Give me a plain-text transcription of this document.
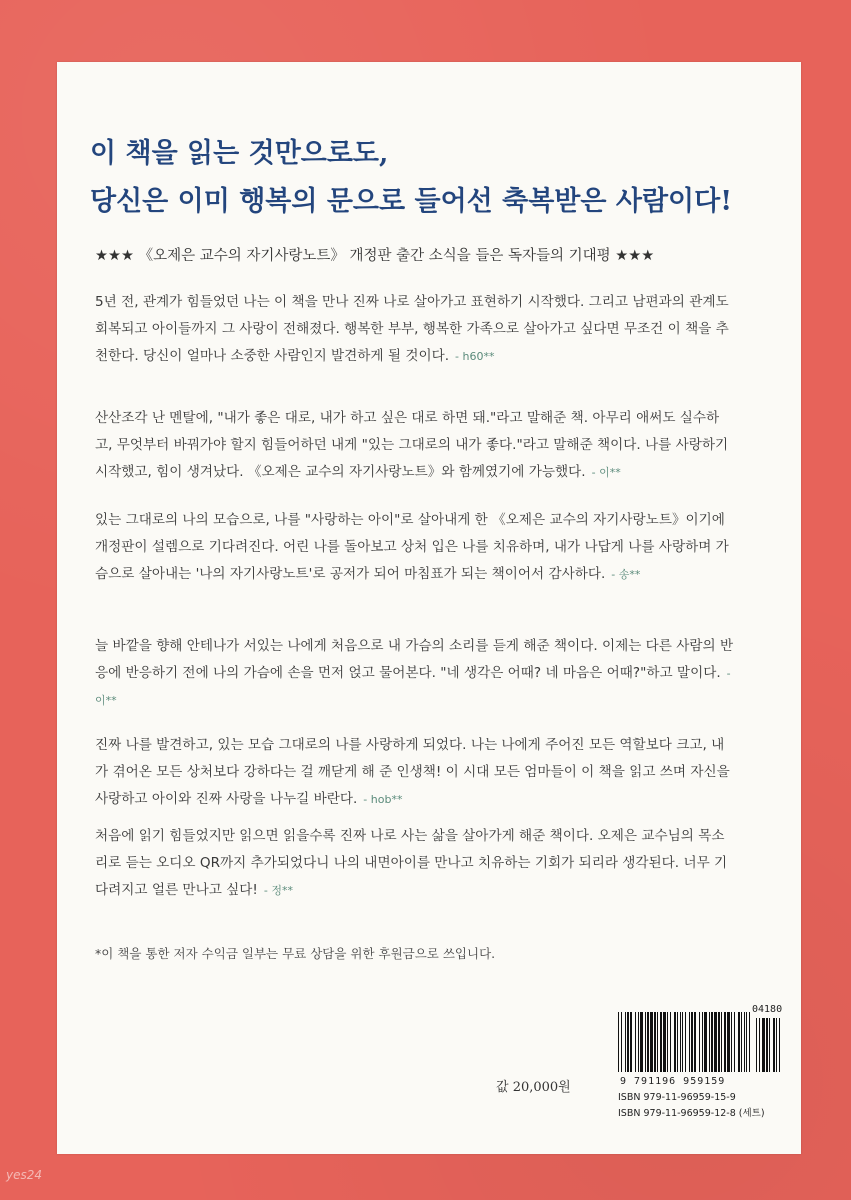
이 책을 읽는 것만으로도,
당신은 이미 행복의 문으로 들어선 축복받은 사람이다!
★★★ 《오제은 교수의 자기사랑노트》 개정판 출간 소식을 들은 독자들의 기대평 ★★★
5년 전, 관계가 힘들었던 나는 이 책을 만나 진짜 나로 살아가고 표현하기 시작했다. 그리고 남편과의 관계도 회복되고 아이들까지 그 사랑이 전해졌다. 행복한 부부, 행복한 가족으로 살아가고 싶다면 무조건 이 책을 추천한다. 당신이 얼마나 소중한 사람인지 발견하게 될 것이다. - h60**
산산조각 난 멘탈에, "내가 좋은 대로, 내가 하고 싶은 대로 하면 돼."라고 말해준 책. 아무리 애써도 실수하고, 무엇부터 바꿔가야 할지 힘들어하던 내게 "있는 그대로의 내가 좋다."라고 말해준 책이다. 나를 사랑하기 시작했고, 힘이 생겨났다. 《오제은 교수의 자기사랑노트》와 함께였기에 가능했다. - 이**
있는 그대로의 나의 모습으로, 나를 "사랑하는 아이"로 살아내게 한 《오제은 교수의 자기사랑노트》이기에 개정판이 설렘으로 기다려진다. 어린 나를 돌아보고 상처 입은 나를 치유하며, 내가 나답게 나를 사랑하며 가슴으로 살아내는 '나의 자기사랑노트'로 공저가 되어 마침표가 되는 책이어서 감사하다. - 송**
늘 바깥을 향해 안테나가 서있는 나에게 처음으로 내 가슴의 소리를 듣게 해준 책이다. 이제는 다른 사람의 반응에 반응하기 전에 나의 가슴에 손을 먼저 얹고 물어본다. "네 생각은 어때? 네 마음은 어때?"하고 말이다. - 이**
진짜 나를 발견하고, 있는 모습 그대로의 나를 사랑하게 되었다. 나는 나에게 주어진 모든 역할보다 크고, 내가 겪어온 모든 상처보다 강하다는 걸 깨닫게 해 준 인생책! 이 시대 모든 엄마들이 이 책을 읽고 쓰며 자신을 사랑하고 아이와 진짜 사랑을 나누길 바란다. - hob**
처음에 읽기 힘들었지만 읽으면 읽을수록 진짜 나로 사는 삶을 살아가게 해준 책이다. 오제은 교수님의 목소리로 듣는 오디오 QR까지 추가되었다니 나의 내면아이를 만나고 치유하는 기회가 되리라 생각된다. 너무 기다려지고 얼른 만나고 싶다! - 정**
*이 책을 통한 저자 수익금 일부는 무료 상담을 위한 후원금으로 쓰입니다.
값 20,000원
04180
9 791196 959159
ISBN 979-11-96959-15-9
ISBN 979-11-96959-12-8 (세트)
yes24
